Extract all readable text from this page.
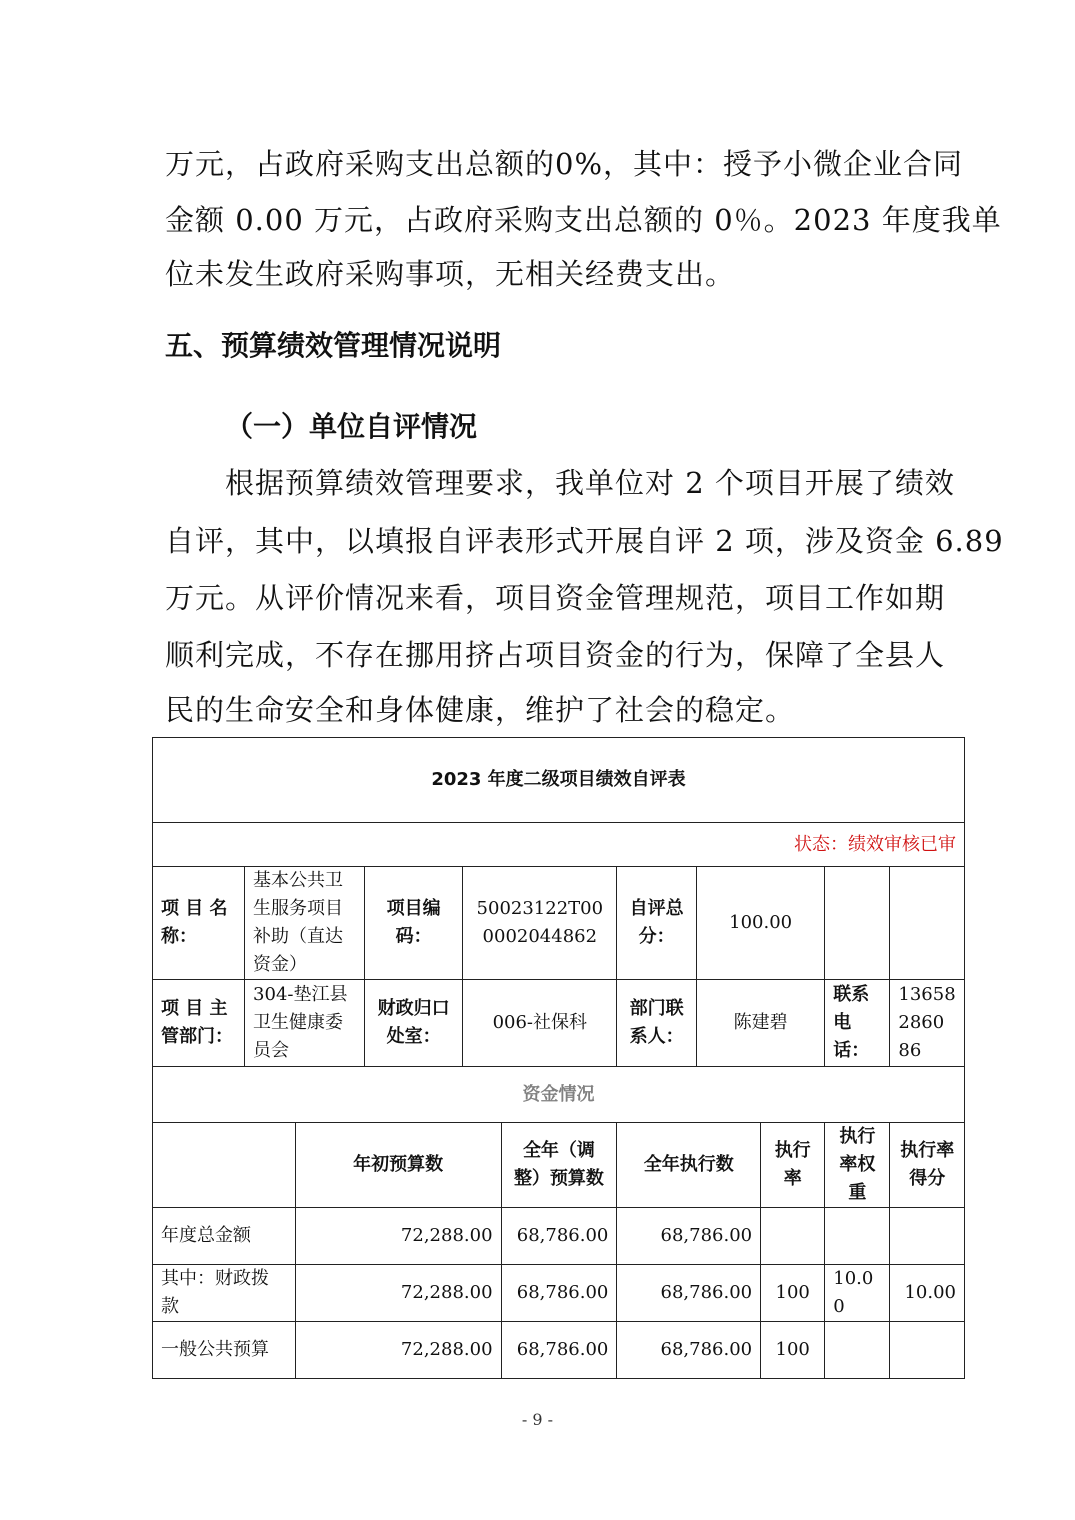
万元，占政府采购支出总额的0%，其中：授予小微企业合同
金额 0.00 万元，占政府采购支出总额的 0％。2023 年度我单
位未发生政府采购事项，无相关经费支出。
五、预算绩效管理情况说明
（一）单位自评情况
根据预算绩效管理要求，我单位对 2 个项目开展了绩效
自评，其中，以填报自评表形式开展自评 2 项，涉及资金 6.89
万元。从评价情况来看，项目资金管理规范，项目工作如期
顺利完成，不存在挪用挤占项目资金的行为，保障了全县人
民的生命安全和身体健康，维护了社会的稳定。
2023 年度二级项目绩效自评表										
状态：绩效审核已审										
项 目 名称：	基本公共卫生服务项目补助（直达资金）		项目编码：	50023122T000002044862		自评总分：	100.00			
项 目 主管部门：	304-垫江县卫生健康委员会		财政归口处室：	006-社保科		部门联系人：	陈建碧		联系电话：	136582860 86
资金情况										
		年初预算数			全年（调整）预算数	全年执行数		执行率	执行率权重	执行率得分
年度总金额		72,288.00			68,786.00	68,786.00				
其中：财政拨款		72,288.00			68,786.00	68,786.00		100	10.00	10.00
一般公共预算		72,288.00			68,786.00	68,786.00		100		
- 9 -
